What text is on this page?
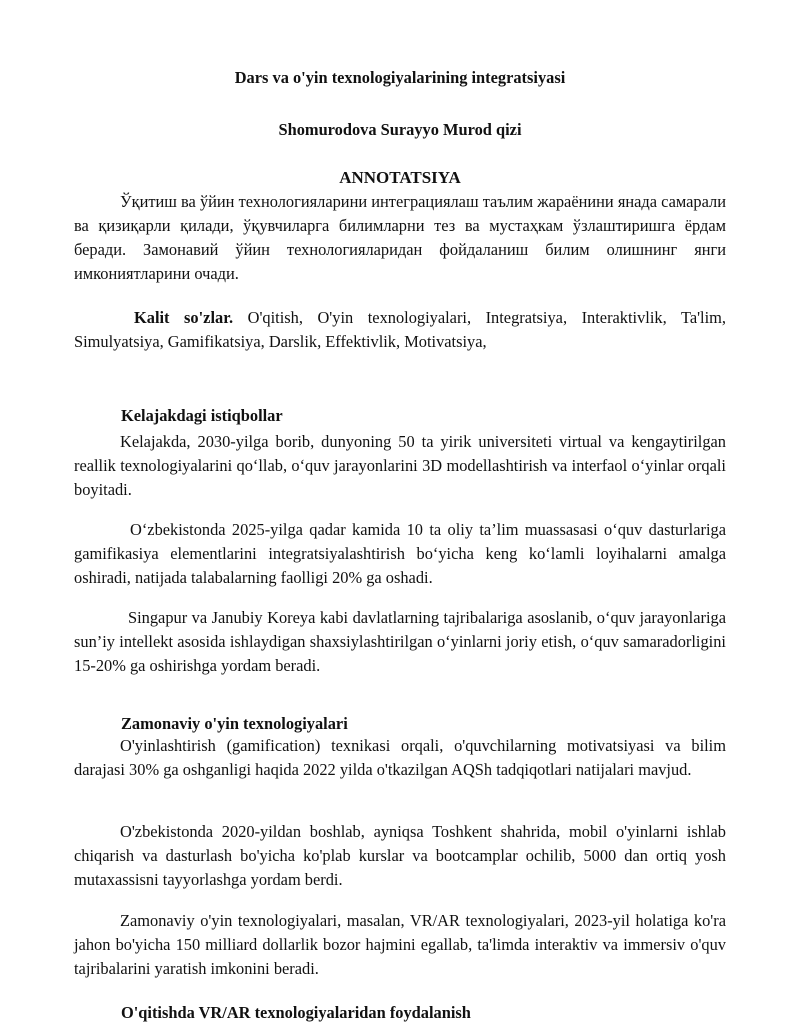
Dars va o'yin texnologiyalarining integratsiyasi

Shomurodova Surayyo Murod qizi

ANNOTATSIYA

Ўқитиш ва ўйин технологияларини интеграциялаш таълим жараёнини янада самарали ва қизиқарли қилади, ўқувчиларга билимларни тез ва мустаҳкам ўзлаштиришга ёрдам беради. Замонавий ўйин технологияларидан фойдаланиш билим олишнинг янги имкониятларини очади.

Kalit so'zlar. O'qitish, O'yin texnologiyalari, Integratsiya, Interaktivlik, Ta'lim, Simulyatsiya, Gamifikatsiya, Darslik, Effektivlik, Motivatsiya,

Kelajakdagi istiqbollar

Kelajakda, 2030-yilga borib, dunyoning 50 ta yirik universiteti virtual va kengaytirilgan reallik texnologiyalarini qo‘llab, o‘quv jarayonlarini 3D modellashtirish va interfaol o‘yinlar orqali boyitadi.

O‘zbekistonda 2025-yilga qadar kamida 10 ta oliy ta’lim muassasasi o‘quv dasturlariga gamifikasiya elementlarini integratsiyalashtirish bo‘yicha keng ko‘lamli loyihalarni amalga oshiradi, natijada talabalarning faolligi 20% ga oshadi.

Singapur va Janubiy Koreya kabi davlatlarning tajribalariga asoslanib, o‘quv jarayonlariga sun’iy intellekt asosida ishlaydigan shaxsiylashtirilgan o‘yinlarni joriy etish, o‘quv samaradorligini 15-20% ga oshirishga yordam beradi.

Zamonaviy o'yin texnologiyalari

O'yinlashtirish (gamification) texnikasi orqali, o'quvchilarning motivatsiyasi va bilim darajasi 30% ga oshganligi haqida 2022 yilda o'tkazilgan AQSh tadqiqotlari natijalari mavjud.

O'zbekistonda 2020-yildan boshlab, ayniqsa Toshkent shahrida, mobil o'yinlarni ishlab chiqarish va dasturlash bo'yicha ko'plab kurslar va bootcamplar ochilib, 5000 dan ortiq yosh mutaxassisni tayyorlashga yordam berdi.

Zamonaviy o'yin texnologiyalari, masalan, VR/AR texnologiyalari, 2023-yil holatiga ko'ra jahon bo'yicha 150 milliard dollarlik bozor hajmini egallab, ta'limda interaktiv va immersiv o'quv tajribalarini yaratish imkonini beradi.

O'qitishda VR/AR texnologiyalaridan foydalanish
